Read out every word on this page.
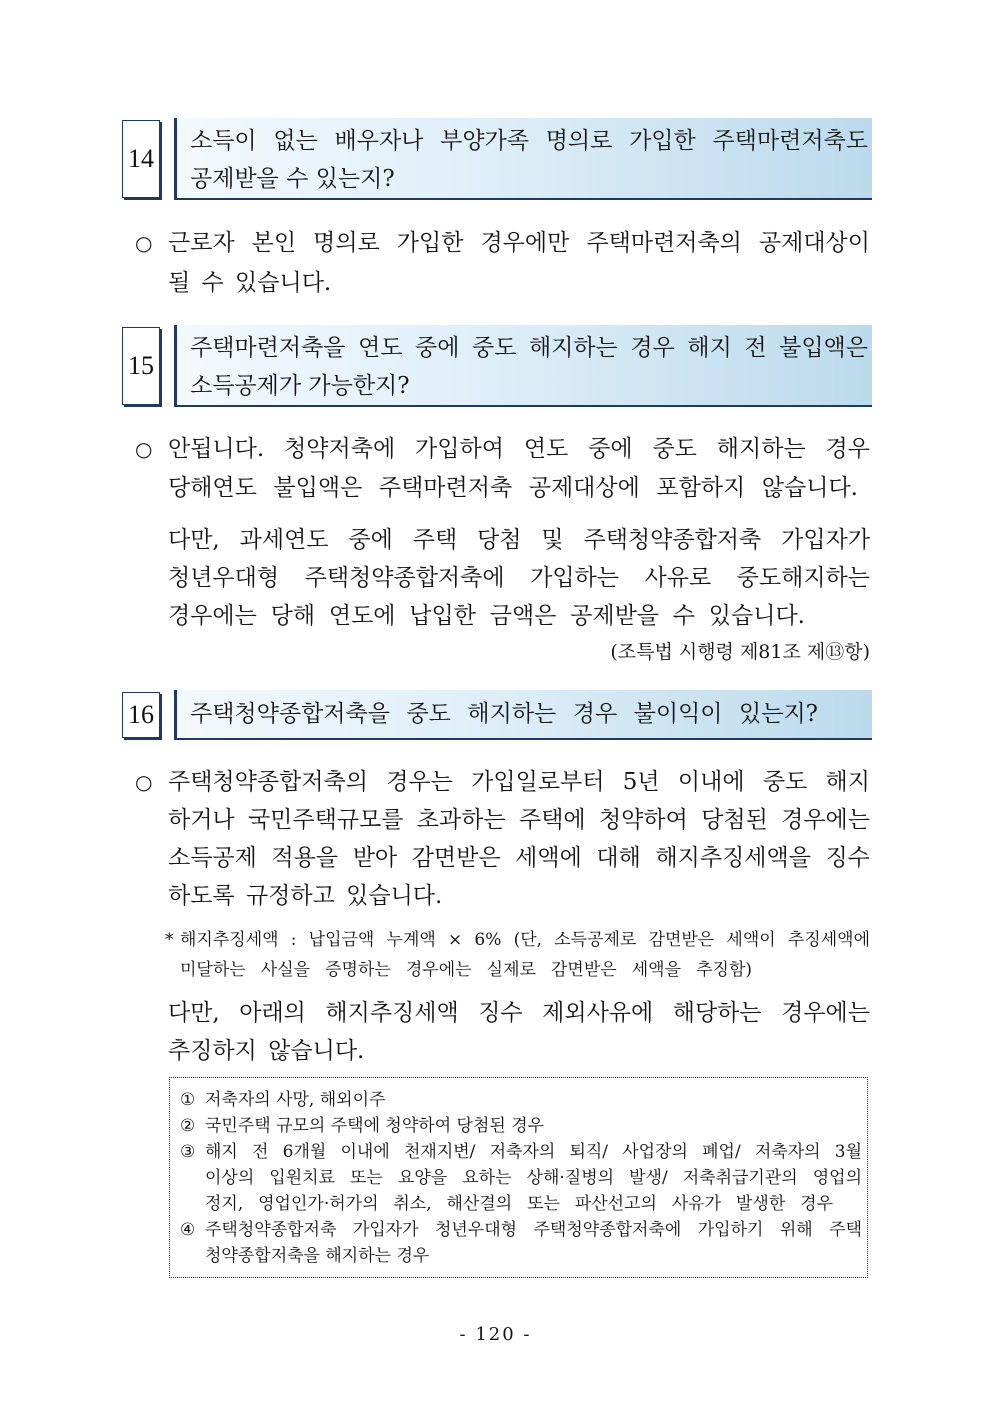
14
소득이 없는 배우자나 부양가족 명의로 가입한 주택마련저축도
공제받을 수 있는지?
○ 근로자 본인 명의로 가입한 경우에만 주택마련저축의 공제대상이
될 수 있습니다.
15
주택마련저축을 연도 중에 중도 해지하는 경우 해지 전 불입액은
소득공제가 가능한지?
○ 안됩니다. 청약저축에 가입하여 연도 중에 중도 해지하는 경우
당해연도 불입액은 주택마련저축 공제대상에 포함하지 않습니다.
다만, 과세연도 중에 주택 당첨 및 주택청약종합저축 가입자가
청년우대형 주택청약종합저축에 가입하는 사유로 중도해지하는
경우에는 당해 연도에 납입한 금액은 공제받을 수 있습니다.
(조특법 시행령 제81조 제⑬항)
16 주택청약종합저축을 중도 해지하는 경우 불이익이 있는지?
○ 주택청약종합저축의 경우는 가입일로부터 5년 이내에 중도 해지
하거나 국민주택규모를 초과하는 주택에 청약하여 당첨된 경우에는
소득공제 적용을 받아 감면받은 세액에 대해 해지추징세액을 징수
하도록 규정하고 있습니다.
* 해지추징세액 : 납입금액 누계액 × 6% (단, 소득공제로 감면받은 세액이 추징세액에
미달하는 사실을 증명하는 경우에는 실제로 감면받은 세액을 추징함)
다만, 아래의 해지추징세액 징수 제외사유에 해당하는 경우에는
추징하지 않습니다.
① 저축자의 사망, 해외이주
② 국민주택 규모의 주택에 청약하여 당첨된 경우
③ 해지 전 6개월 이내에 천재지변/ 저축자의 퇴직/ 사업장의 폐업/ 저축자의 3월
이상의 입원치료 또는 요양을 요하는 상해·질병의 발생/ 저축취급기관의 영업의
정지, 영업인가·허가의 취소, 해산결의 또는 파산선고의 사유가 발생한 경우
④ 주택청약종합저축 가입자가 청년우대형 주택청약종합저축에 가입하기 위해 주택
청약종합저축을 해지하는 경우
- 120 -
